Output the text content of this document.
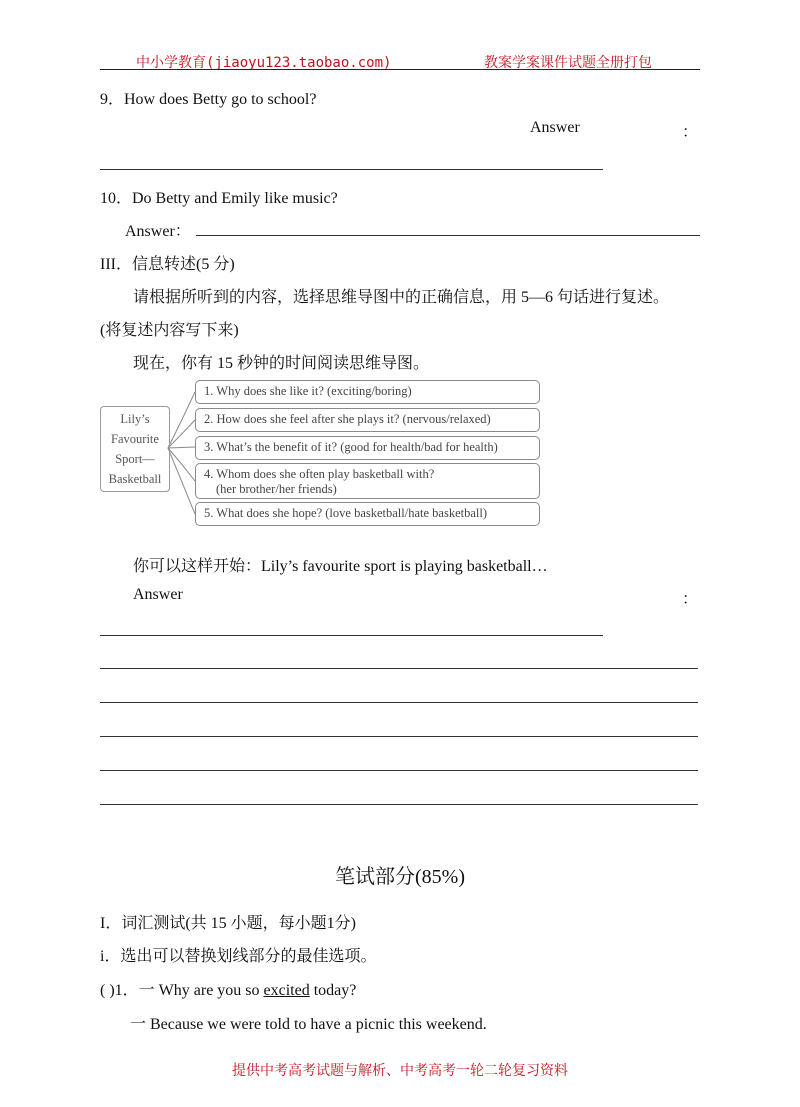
中小学教育(jiaoyu123.taobao.com)	教案学案课件试题全册打包
9．How does Betty go to school?
Answer	：
10．Do Betty and Emily like music?
Answer：
III．信息转述(5 分)
请根据所听到的内容，选择思维导图中的正确信息，用 5—6 句话进行复述。
(将复述内容写下来)
现在，你有 15 秒钟的时间阅读思维导图。
Lily’s
Favourite
Sport—
Basketball
1. Why does she like it? (exciting/boring)
2. How does she feel after she plays it? (nervous/relaxed)
3. What’s the benefit of it? (good for health/bad for health)
4. Whom does she often play basketball with?
(her brother/her friends)
5. What does she hope? (love basketball/hate basketball)
你可以这样开始：Lily’s favourite sport is playing basketball…
Answer	：
笔试部分(85%)
I．词汇测试(共 15 小题，每小题1分)
i．选出可以替换划线部分的最佳选项。
( )1．一 Why are you so excited today?
一 Because we were told to have a picnic this weekend.
提供中考高考试题与解析、中考高考一轮二轮复习资料
